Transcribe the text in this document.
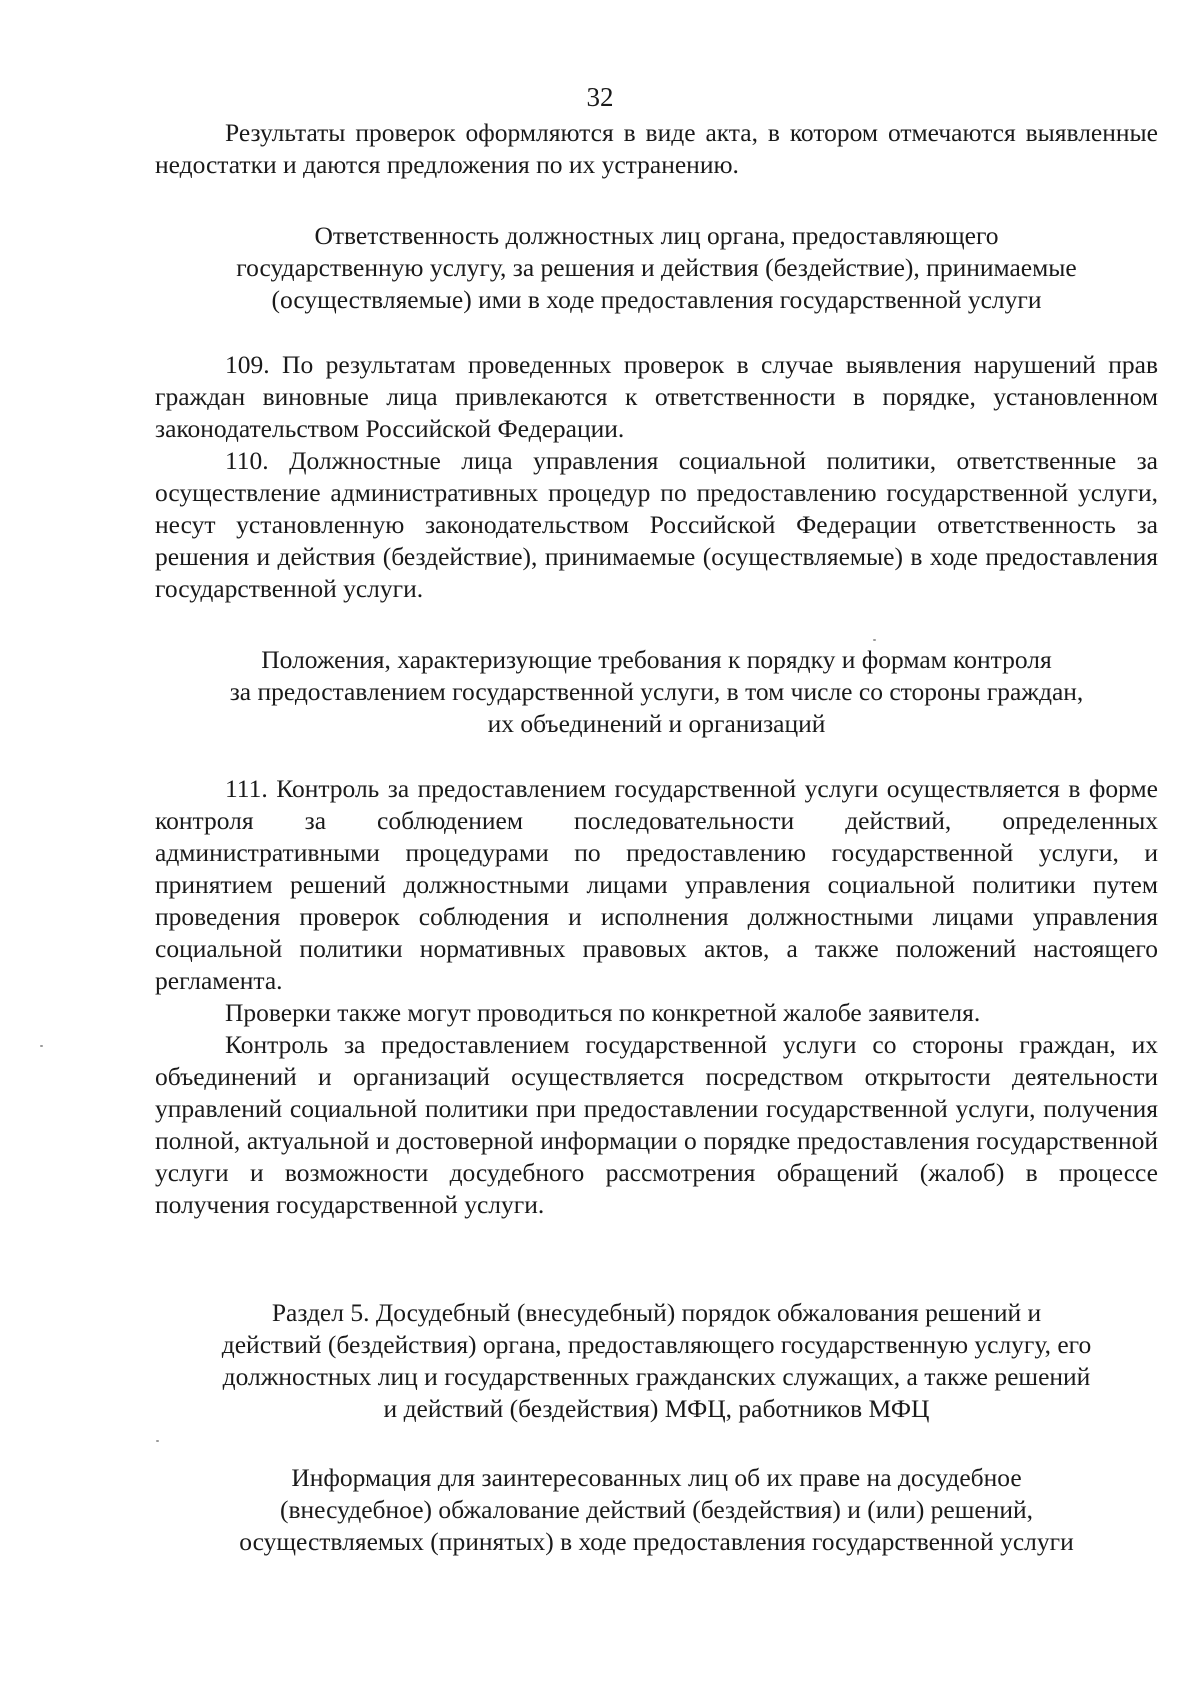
32

Результаты проверок оформляются в виде акта, в котором отмечаются выявленные недостатки и даются предложения по их устранению.

Ответственность должностных лиц органа, предоставляющего
государственную услугу, за решения и действия (бездействие), принимаемые
(осуществляемые) ими в ходе предоставления государственной услуги

109. По результатам проведенных проверок в случае выявления нарушений прав граждан виновные лица привлекаются к ответственности в порядке, установленном законодательством Российской Федерации.

110. Должностные лица управления социальной политики, ответственные за осуществление административных процедур по предоставлению государственной услуги, несут установленную законодательством Российской Федерации ответственность за решения и действия (бездействие), принимаемые (осуществляемые) в ходе предоставления государственной услуги.

Положения, характеризующие требования к порядку и формам контроля
за предоставлением государственной услуги, в том числе со стороны граждан,
их объединений и организаций

111. Контроль за предоставлением государственной услуги осуществляется в форме контроля за соблюдением последовательности действий, определенных административными процедурами по предоставлению государственной услуги, и принятием решений должностными лицами управления социальной политики путем проведения проверок соблюдения и исполнения должностными лицами управления социальной политики нормативных правовых актов, а также положений настоящего регламента.

Проверки также могут проводиться по конкретной жалобе заявителя.

Контроль за предоставлением государственной услуги со стороны граждан, их объединений и организаций осуществляется посредством открытости деятельности управлений социальной политики при предоставлении государственной услуги, получения полной, актуальной и достоверной информации о порядке предоставления государственной услуги и возможности досудебного рассмотрения обращений (жалоб) в процессе получения государственной услуги.

Раздел 5. Досудебный (внесудебный) порядок обжалования решений и
действий (бездействия) органа, предоставляющего государственную услугу, его
должностных лиц и государственных гражданских служащих, а также решений
и действий (бездействия) МФЦ, работников МФЦ
Информация для заинтересованных лиц об их праве на досудебное
(внесудебное) обжалование действий (бездействия) и (или) решений,
осуществляемых (принятых) в ходе предоставления государственной услуги
